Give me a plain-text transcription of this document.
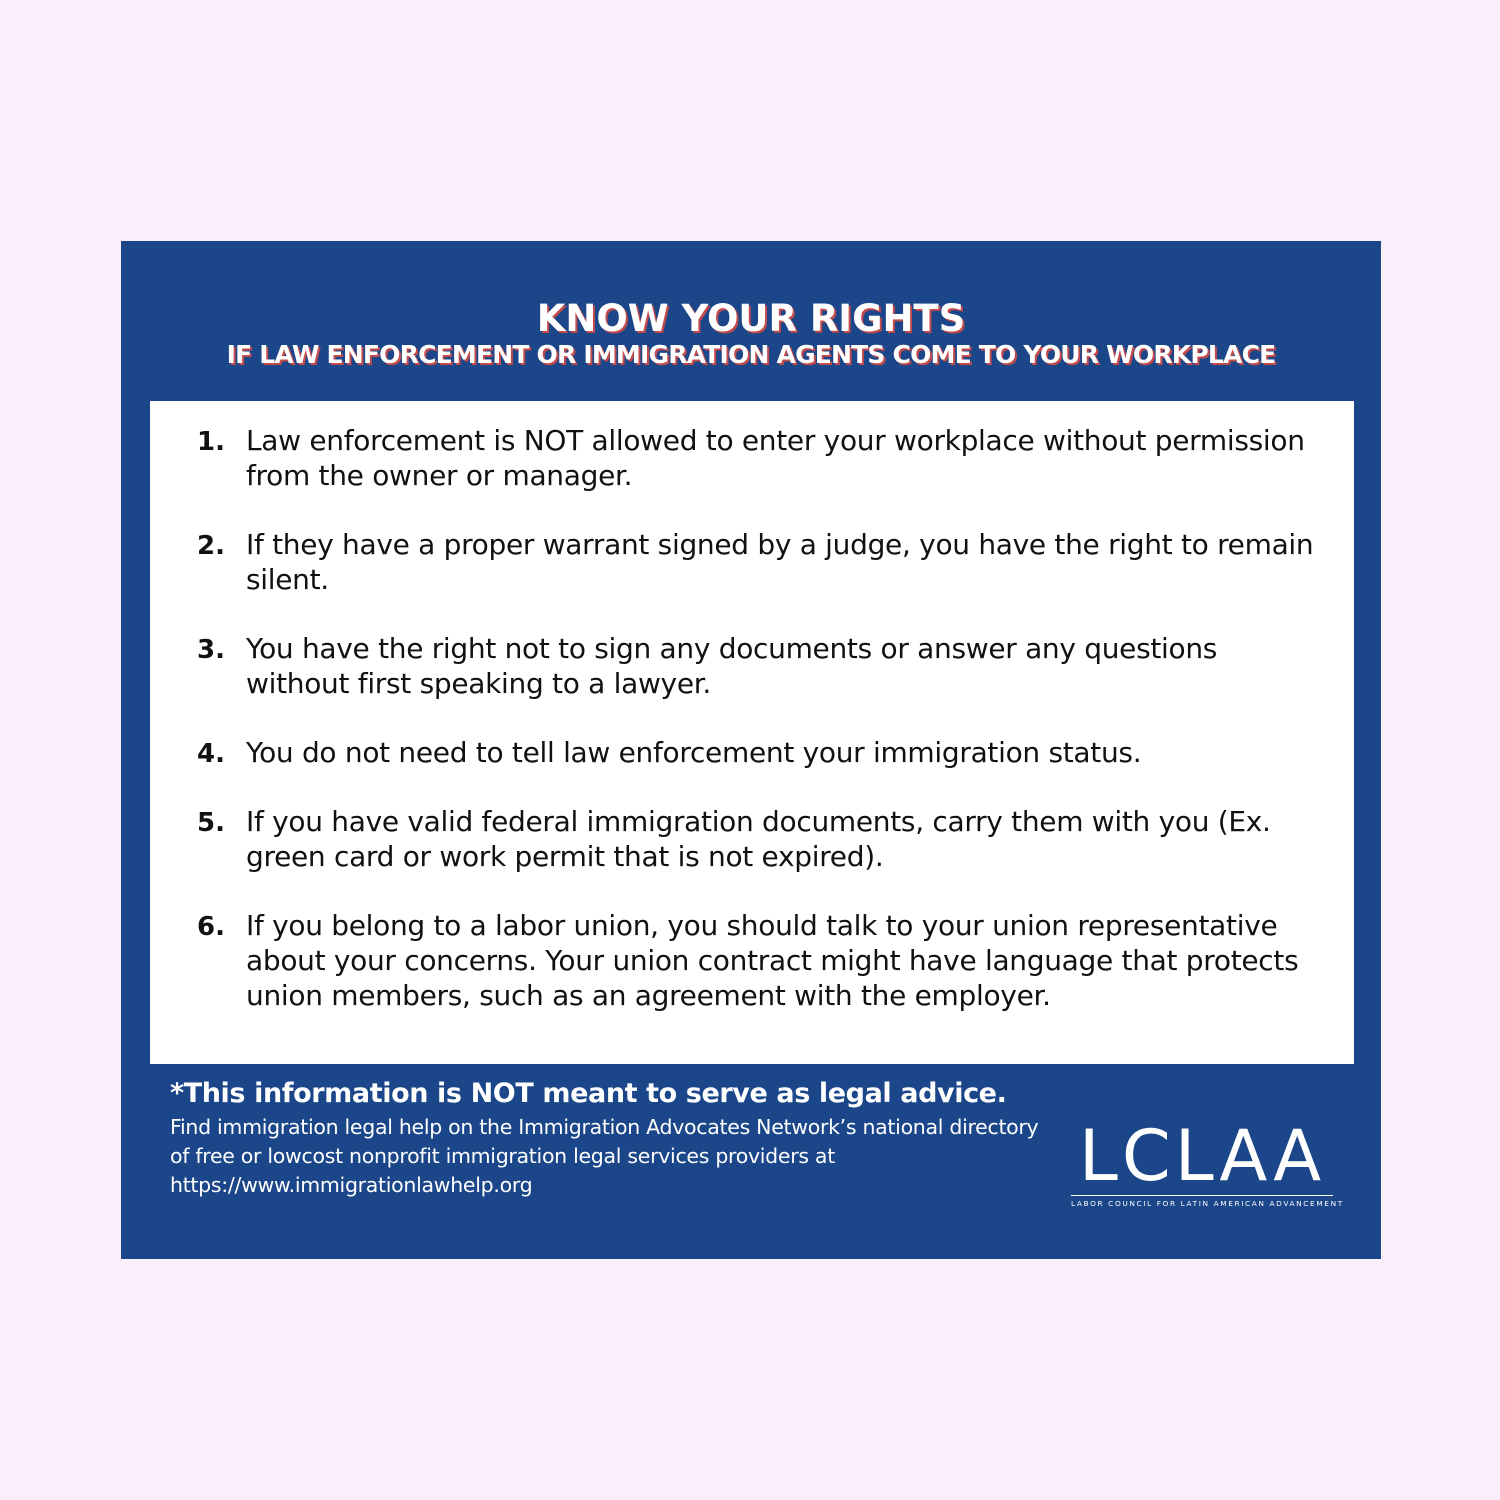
KNOW YOUR RIGHTS
IF LAW ENFORCEMENT OR IMMIGRATION AGENTS COME TO YOUR WORKPLACE
1. Law enforcement is NOT allowed to enter your workplace without permission from the owner or manager.
2. If they have a proper warrant signed by a judge, you have the right to remain silent.
3. You have the right not to sign any documents or answer any questions without first speaking to a lawyer.
4. You do not need to tell law enforcement your immigration status.
5. If you have valid federal immigration documents, carry them with you (Ex. green card or work permit that is not expired).
6. If you belong to a labor union, you should talk to your union representative about your concerns. Your union contract might have language that protects union members, such as an agreement with the employer.
*This information is NOT meant to serve as legal advice.
Find immigration legal help on the Immigration Advocates Network’s national directory of free or lowcost nonprofit immigration legal services providers at https://www.immigrationlawhelp.org	LCLAA
LABOR COUNCIL FOR LATIN AMERICAN ADVANCEMENT
